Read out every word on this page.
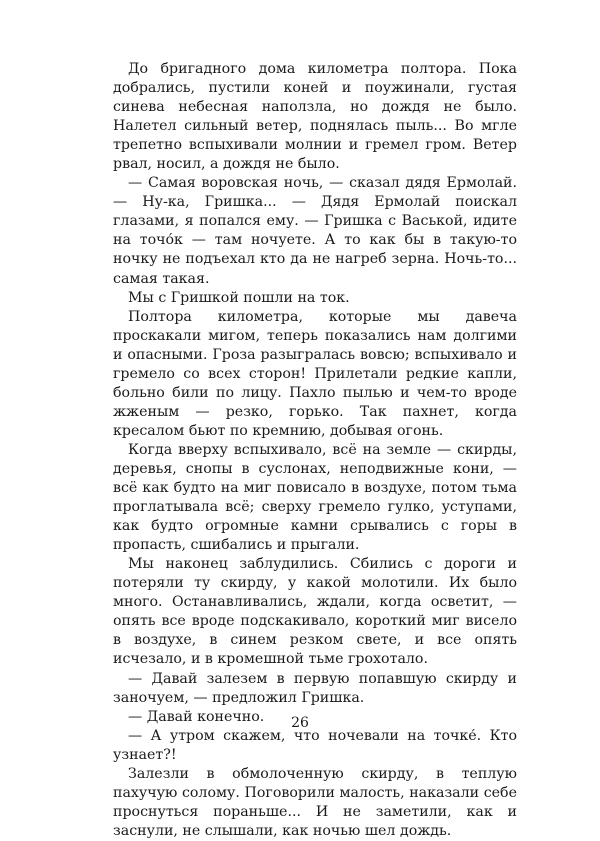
До бригадного дома километра полтора. Пока добрались, пустили коней и поужинали, густая синева небесная наползла, но дождя не было. Налетел сильный ветер, поднялась пыль... Во мгле трепетно вспыхивали молнии и гремел гром. Ветер рвал, носил, а дождя не было.

— Самая воровская ночь, — сказал дядя Ермолай. — Ну-ка, Гришка... — Дядя Ермолай поискал глазами, я попался ему. — Гришка с Васькой, идите на точо́к — там ночуете. А то как бы в такую-то ночку не подъехал кто да не нагреб зерна. Ночь-то... самая такая.

Мы с Гришкой пошли на ток.

Полтора километра, которые мы давеча проскакали мигом, теперь показались нам долгими и опасными. Гроза разыгралась вовсю; вспыхивало и гремело со всех сторон! Прилетали редкие капли, больно били по лицу. Пахло пылью и чем-то вроде жженым — резко, горько. Так пахнет, когда кресалом бьют по кремнию, добывая огонь.

Когда вверху вспыхивало, всё на земле — скирды, деревья, снопы в суслонах, неподвижные кони, — всё как будто на миг повисало в воздухе, потом тьма проглатывала всё; сверху гремело гулко, уступами, как будто огромные камни срывались с горы в пропасть, сшибались и прыгали.

Мы наконец заблудились. Сбились с дороги и потеряли ту скирду, у какой молотили. Их было много. Останавливались, ждали, когда осветит, — опять все вроде подскакивало, короткий миг висело в воздухе, в синем резком свете, и все опять исчезало, и в кромешной тьме грохотало.

— Давай залезем в первую попавшую скирду и заночуем, — предложил Гришка.

— Давай конечно.

— А утром скажем, что ночевали на точке́. Кто узнает?!

Залезли в обмолоченную скирду, в теплую пахучую солому. Поговорили малость, наказали себе проснуться пораньше... И не заметили, как и заснули, не слышали, как ночью шел дождь.

26
